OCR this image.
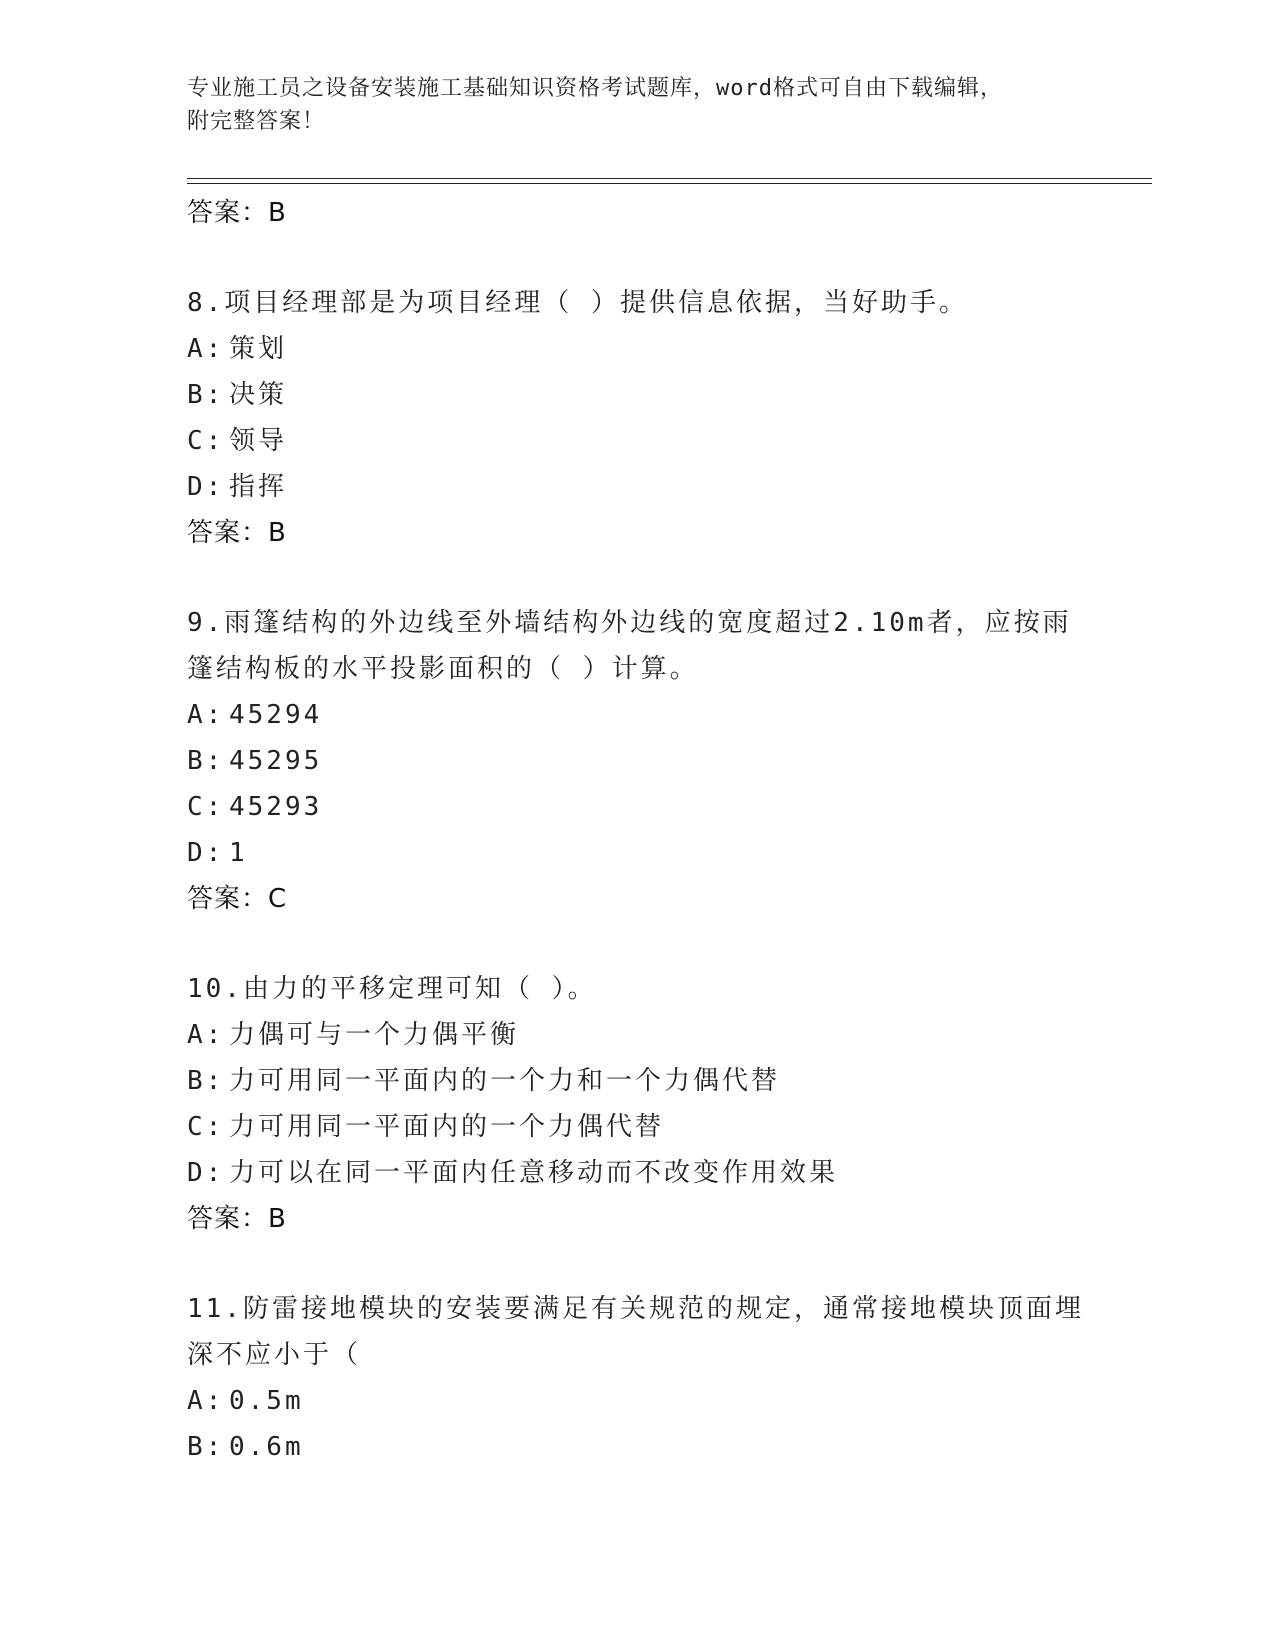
专业施工员之设备安装施工基础知识资格考试题库，word格式可自由下载编辑，
附完整答案！
答案：B
8.项目经理部是为项目经理（ ）提供信息依据，当好助手。
A: 策划
B: 决策
C: 领导
D: 指挥
答案：B
9.雨篷结构的外边线至外墙结构外边线的宽度超过2.10m者，应按雨
篷结构板的水平投影面积的（ ）计算。
A: 45294
B: 45295
C: 45293
D: 1
答案：C
10.由力的平移定理可知（ ）。
A: 力偶可与一个力偶平衡
B: 力可用同一平面内的一个力和一个力偶代替
C: 力可用同一平面内的一个力偶代替
D: 力可以在同一平面内任意移动而不改变作用效果
答案：B
11.防雷接地模块的安装要满足有关规范的规定，通常接地模块顶面埋
深不应小于（
A: 0.5m
B: 0.6m
